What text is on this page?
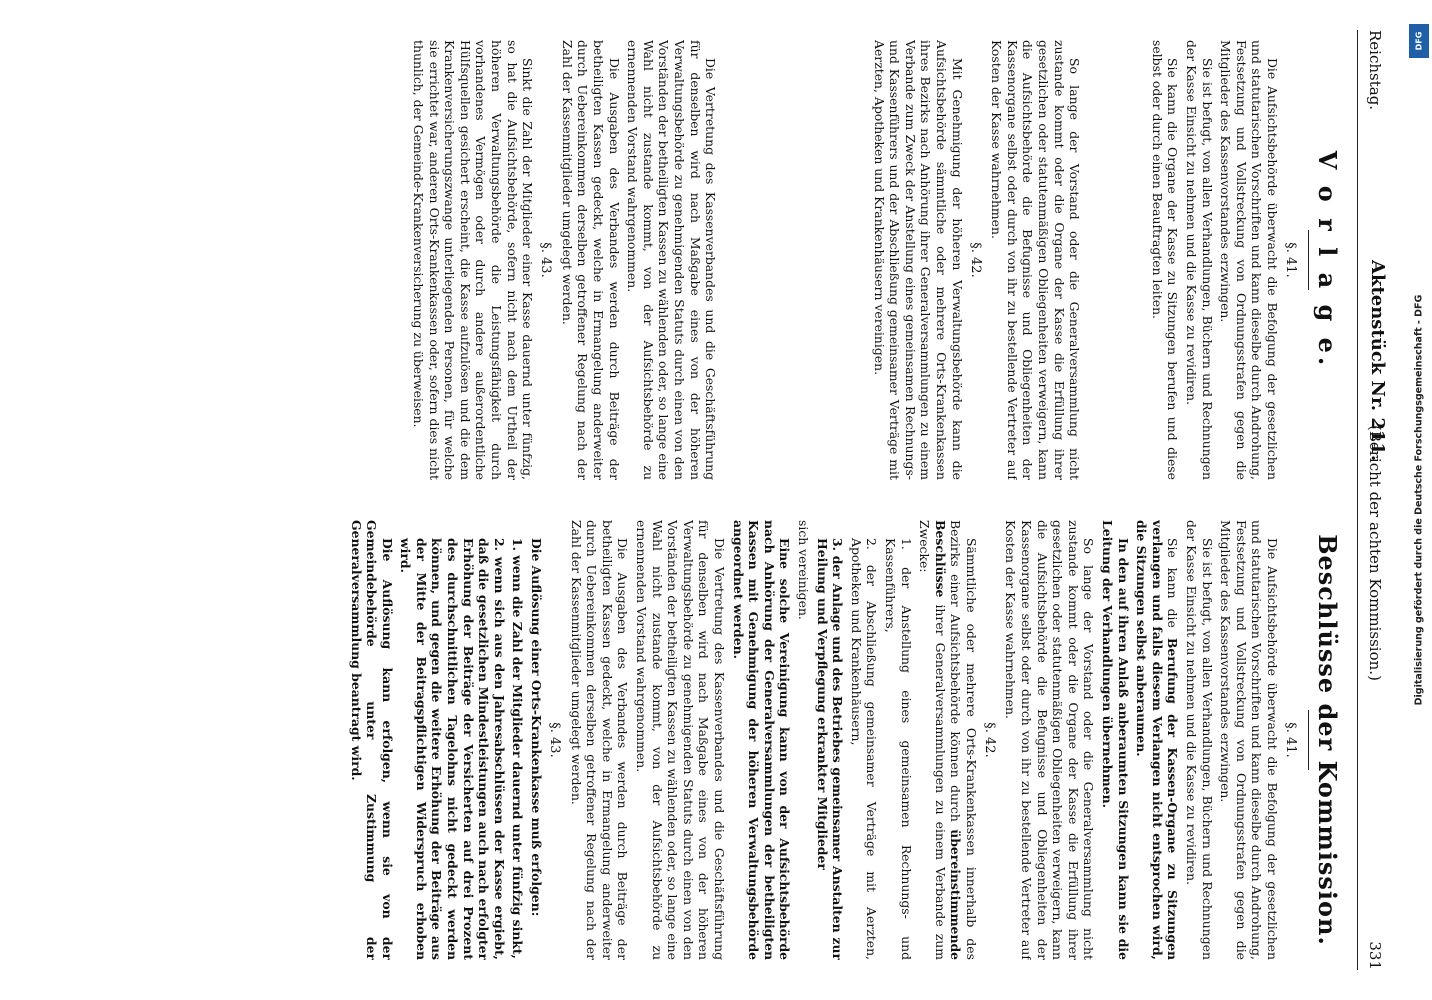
Reichstag.
Aktenstück Nr. 211.
(Bericht der achten Kommission.)
331
V o r l a g e.
§. 41.

Die Aufsichtsbehörde überwacht die Befolgung der gesetzlichen und statutarischen Vorschriften und kann dieselbe durch Androhung, Festsetzung und Vollstreckung von Ordnungsstrafen gegen die Mitglieder des Kassenvorstandes erzwingen.

Sie ist befugt, von allen Verhandlungen, Büchern und Rechnungen der Kasse Einsicht zu nehmen und die Kasse zu revidiren.

Sie kann die Organe der Kasse zu Sitzungen berufen und diese selbst oder durch einen Beauftragten leiten.

So lange der Vorstand oder die Generalversammlung nicht zustande kommt oder die Organe der Kasse die Erfüllung ihrer gesetzlichen oder statutenmäßigen Obliegenheiten verweigern, kann die Aufsichtsbehörde die Befugnisse und Obliegenheiten der Kassenorgane selbst oder durch von ihr zu bestellende Vertreter auf Kosten der Kasse wahrnehmen.

§. 42.

Mit Genehmigung der höheren Verwaltungsbehörde kann die Aufsichtsbehörde sämmtliche oder mehrere Orts-Krankenkassen ihres Bezirks nach Anhörung ihrer Generalversammlungen zu einem Verbande zum Zweck der Anstellung eines gemeinsamen Rechnungs- und Kassenführers und der Abschließung gemeinsamer Verträge mit Aerzten, Apotheken und Krankenhäusern vereinigen.

Die Vertretung des Kassenverbandes und die Geschäftsführung für denselben wird nach Maßgabe eines von der höheren Verwaltungsbehörde zu genehmigenden Statuts durch einen von den Vorständen der betheiligten Kassen zu wählenden oder, so lange eine Wahl nicht zustande kommt, von der Aufsichtsbehörde zu ernennenden Vorstand wahrgenommen.

Die Ausgaben des Verbandes werden durch Beiträge der betheiligten Kassen gedeckt, welche in Ermangelung anderweiter durch Uebereinkommen derselben getroffener Regelung nach der Zahl der Kassenmitglieder umgelegt werden.

§. 43.

Sinkt die Zahl der Mitglieder einer Kasse dauernd unter fünfzig, so hat die Aufsichtsbehörde, sofern nicht nach dem Urtheil der höheren Verwaltungsbehörde die Leistungsfähigkeit durch vorhandenes Vermögen oder durch andere außerordentliche Hülfsquellen gesichert erscheint, die Kasse aufzulösen und die dem Krankenversicherungszwange unterliegenden Personen, für welche sie errichtet war, anderen Orts-Krankenkassen oder, sofern dies nicht thunlich, der Gemeinde-Krankenversicherung zu überweisen.

Beschlüsse der Kommission.
§. 41.

Die Aufsichtsbehörde überwacht die Befolgung der gesetzlichen und statutarischen Vorschriften und kann dieselbe durch Androhung, Festsetzung und Vollstreckung von Ordnungsstrafen gegen die Mitglieder des Kassenvorstandes erzwingen.

Sie ist befugt, von allen Verhandlungen, Büchern und Rechnungen der Kasse Einsicht zu nehmen und die Kasse zu revidiren.

Sie kann die Berufung der Kassen-Organe zu Sitzungen verlangen und falls diesem Verlangen nicht entsprochen wird, die Sitzungen selbst anberaumen.

In den auf ihren Anlaß anberaumten Sitzungen kann sie die Leitung der Verhandlungen übernehmen.

So lange der Vorstand oder die Generalversammlung nicht zustande kommt oder die Organe der Kasse die Erfüllung ihrer gesetzlichen oder statutenmäßigen Obliegenheiten verweigern, kann die Aufsichtsbehörde die Befugnisse und Obliegenheiten der Kassenorgane selbst oder durch von ihr zu bestellende Vertreter auf Kosten der Kasse wahrnehmen.

§. 42.

Sämmtliche oder mehrere Orts-Krankenkassen innerhalb des Bezirks einer Aufsichtsbehörde können durch übereinstimmende Beschlüsse ihrer Generalversammlungen zu einem Verbande zum Zwecke:

1. der Anstellung eines gemeinsamen Rechnungs- und Kassenführers,

2. der Abschließung gemeinsamer Verträge mit Aerzten, Apotheken und Krankenhäusern,

3. der Anlage und des Betriebes gemeinsamer Anstalten zur Heilung und Verpflegung erkrankter Mitglieder

sich vereinigen.

Eine solche Vereinigung kann von der Aufsichtsbehörde nach Anhörung der Generalversammlungen der betheiligten Kassen mit Genehmigung der höheren Verwaltungsbehörde angeordnet werden.

Die Vertretung des Kassenverbandes und die Geschäftsführung für denselben wird nach Maßgabe eines von der höheren Verwaltungsbehörde zu genehmigenden Statuts durch einen von den Vorständen der betheiligten Kassen zu wählenden oder, so lange eine Wahl nicht zustande kommt, von der Aufsichtsbehörde zu ernennenden Vorstand wahrgenommen.

Die Ausgaben des Verbandes werden durch Beiträge der betheiligten Kassen gedeckt, welche in Ermangelung anderweiter durch Uebereinkommen derselben getroffener Regelung nach der Zahl der Kassenmitglieder umgelegt werden.

§. 43.

Die Auflösung einer Orts-Krankenkasse muß erfolgen:

1. wenn die Zahl der Mitglieder dauernd unter fünfzig sinkt,

2. wenn sich aus den Jahresabschlüssen der Kasse ergiebt, daß die gesetzlichen Mindestleistungen auch nach erfolgter Erhöhung der Beiträge der Versicherten auf drei Prozent des durchschnittlichen Tagelohns nicht gedeckt werden können, und gegen die weitere Erhöhung der Beiträge aus der Mitte der Beitragspflichtigen Widerspruch erhoben wird.

Die Auflösung kann erfolgen, wenn sie von der Gemeindebehörde unter Zustimmung der Generalversammlung beantragt wird.

DFG
Digitalisierung gefördert durch die Deutsche Forschungsgemeinschaft - DFG
